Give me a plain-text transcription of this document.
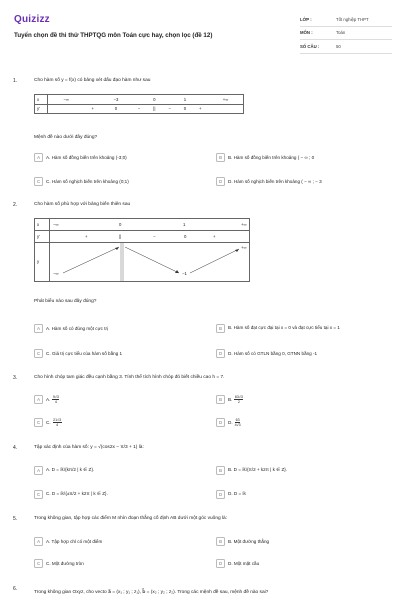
Quizizz
Tuyển chọn đề thi thử THPTQG môn Toán cực hay, chọn lọc (đề 12)
LỚP :	Tốt nghiệp THPT
MÔN :	Toán
SỐ CÂU :	50
1.	Cho hàm số y = f(x) có bảng xét dấu đạo hàm như sau
x	−∞		−3		0		1		+∞
y'		+	0	−	||	−	0	+	
Mệnh đề nào dưới đây đúng?
A	A. Hàm số đồng biến trên khoảng (-3;0)	B	B. Hàm số đồng biến trên khoảng ( − ∞ ; 0
C	C. Hàm số nghịch biến trên khoảng (0;1)	D	D. Hàm số nghịch biến trên khoảng ( − ∞ ; − 3
2.	Cho hàm số phù hợp với bảng biến thiên sau
x	−∞	0	1	+∞
y'	+	||	−	0	+
y
+∞
−∞	−1
Phát biểu nào sau đây đúng?
A	A. Hàm số có đúng một cực trị	B	B. Hàm số đạt cực đại tại x = 0 và đạt cực tiểu tại x = 1
C	C. Giá trị cực tiểu của hàm số bằng 1	D	D. Hàm số có GTLN bằng 0, GTNN bằng -1
3.	Cho hình chóp tam giác đều cạnh bằng 3. Tính thể tích hình chóp đó biết chiều cao h = 7.
A	A. $\frac{9√3}{4}$	B	B. $\frac{63√3}{2}$
C	C. $\frac{21√3}{4}$	D	D. $\frac{63}{4√3}$
4.	Tập xác định của hàm số: y = √(cos2x − π/3 + 1) là:
A	A. D = ℝ\{kπ/2 | k ∈ Z}.	B	B. D = ℝ\{π/2 + k2π | k ∈ Z}.
C	C. D = ℝ\{±π/2 + k2π | k ∈ Z}.	D	D. D = ℝ
5.	Trong không gian, tập hợp các điểm M nhìn đoạn thẳng cố định AB dưới một góc vuông là:
A	A. Tập hợp chỉ có một điểm	B	B. Một đường thẳng
C	C. Một đường tròn	D	D. Một mặt cầu
6.
Trong không gian Oxyz, cho vecto a⃗ = (x₁ ; y₁ ; z₁), b⃗ = (x₂ ; y₂ ; z₂). Trong các mệnh đề sau, mệnh đề nào sai?
